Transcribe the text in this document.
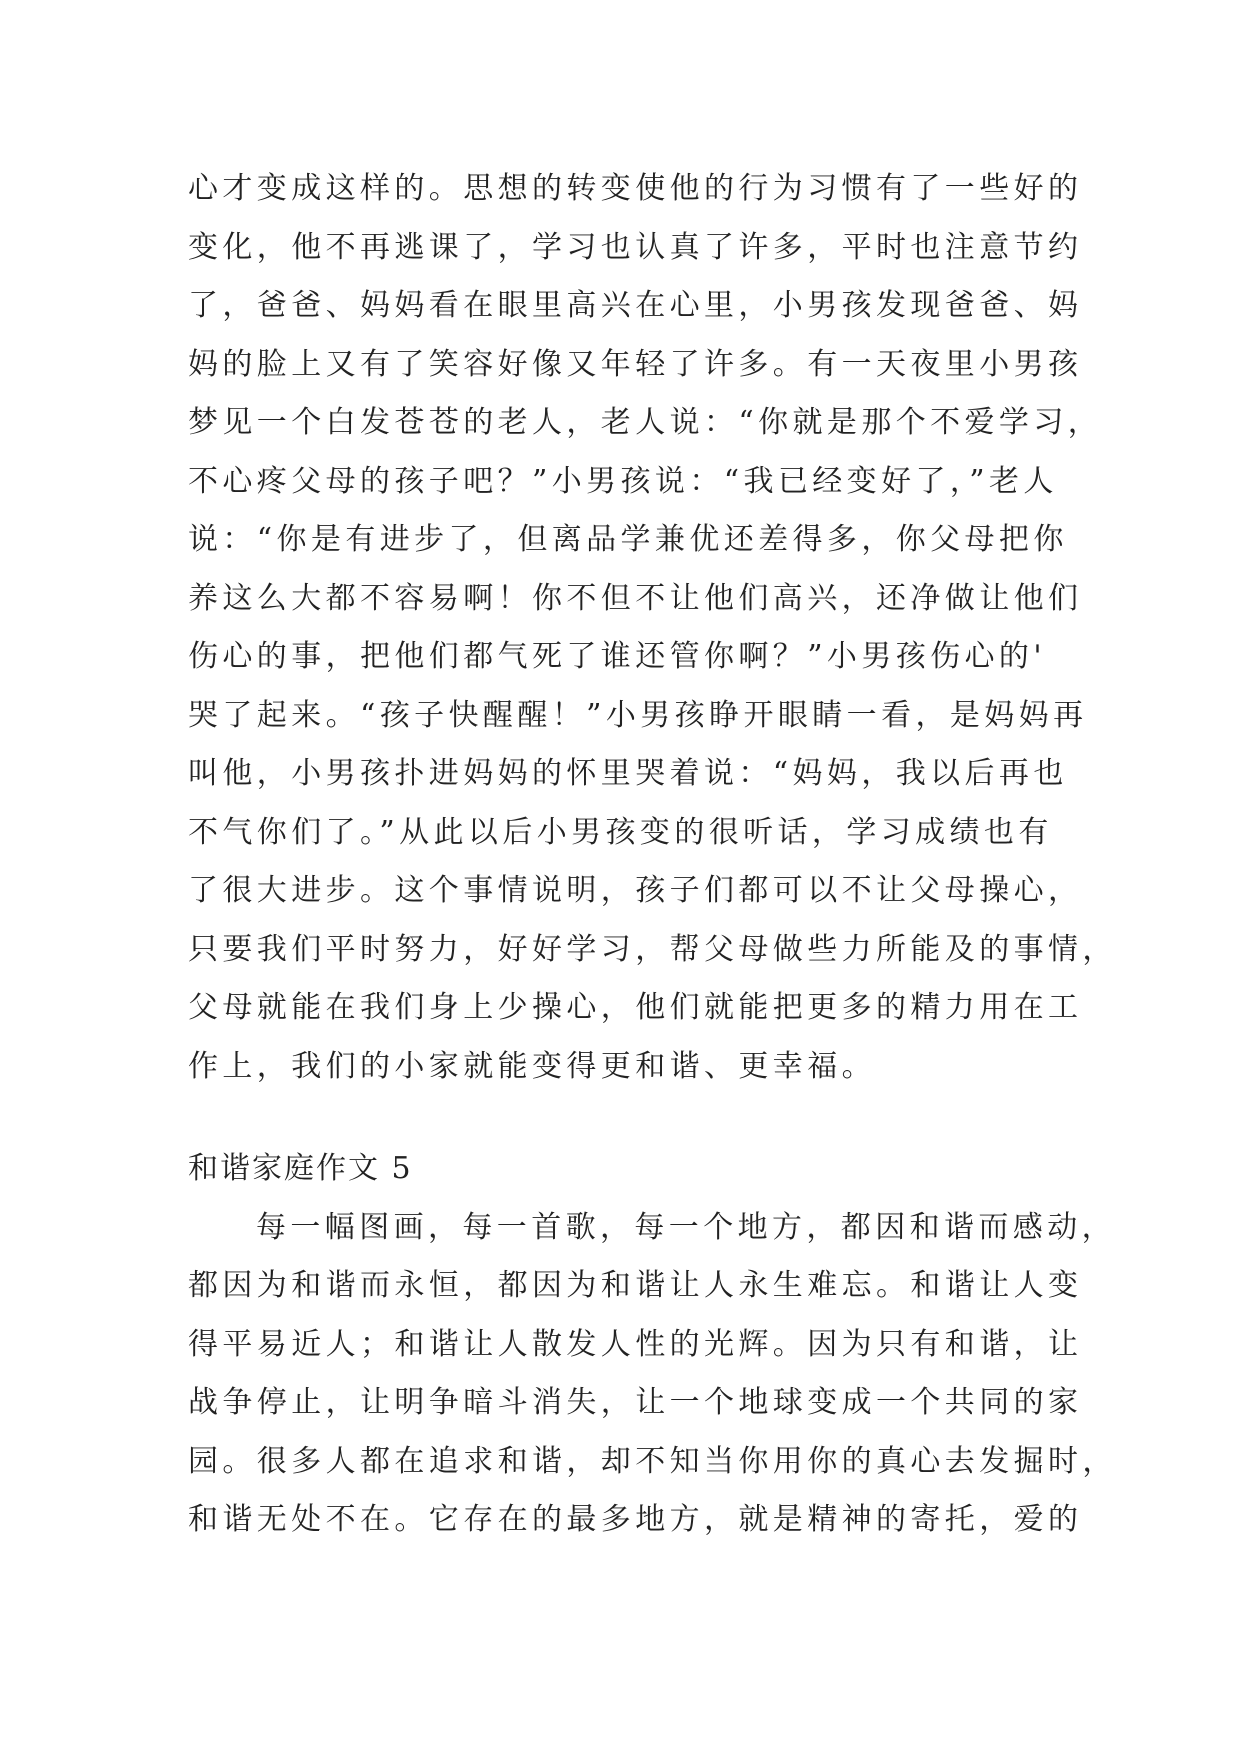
心才变成这样的。思想的转变使他的行为习惯有了一些好的
变化，他不再逃课了，学习也认真了许多，平时也注意节约
了，爸爸、妈妈看在眼里高兴在心里，小男孩发现爸爸、妈
妈的脸上又有了笑容好像又年轻了许多。有一天夜里小男孩
梦见一个白发苍苍的老人，老人说：“你就是那个不爱学习，
不心疼父母的孩子吧？”小男孩说：“我已经变好了，”老人
说：“你是有进步了，但离品学兼优还差得多，你父母把你
养这么大都不容易啊！你不但不让他们高兴，还净做让他们
伤心的事，把他们都气死了谁还管你啊？”小男孩伤心的'
哭了起来。“孩子快醒醒！”小男孩睁开眼睛一看，是妈妈再
叫他，小男孩扑进妈妈的怀里哭着说：“妈妈，我以后再也
不气你们了。”从此以后小男孩变的很听话，学习成绩也有
了很大进步。这个事情说明，孩子们都可以不让父母操心，
只要我们平时努力，好好学习，帮父母做些力所能及的事情，
父母就能在我们身上少操心，他们就能把更多的精力用在工
作上，我们的小家就能变得更和谐、更幸福。
和谐家庭作文 5
每一幅图画，每一首歌，每一个地方，都因和谐而感动，
都因为和谐而永恒，都因为和谐让人永生难忘。和谐让人变
得平易近人；和谐让人散发人性的光辉。因为只有和谐，让
战争停止，让明争暗斗消失，让一个地球变成一个共同的家
园。很多人都在追求和谐，却不知当你用你的真心去发掘时，
和谐无处不在。它存在的最多地方，就是精神的寄托，爱的
